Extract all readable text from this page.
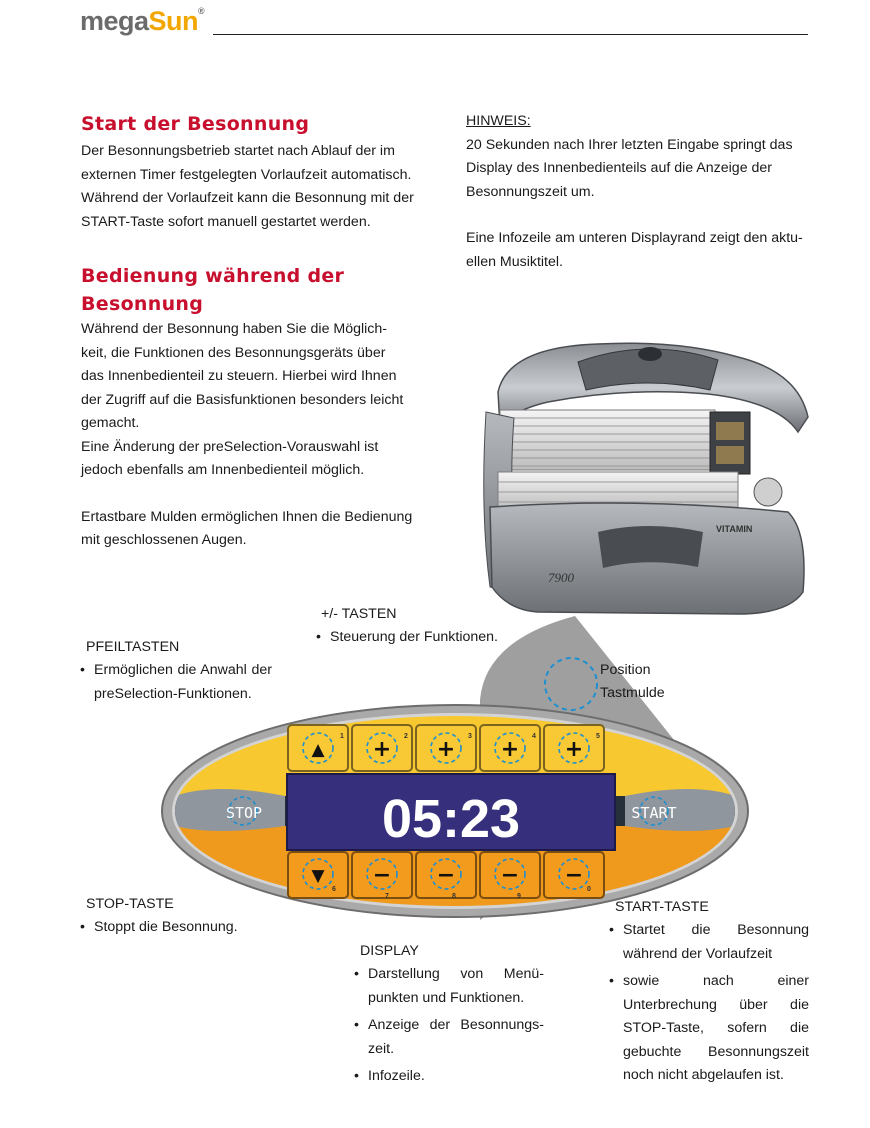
megaSun®
Start der Besonnung

Der Besonnungsbetrieb startet nach Ablauf der im

externen Timer festgelegten Vorlaufzeit automatisch.

Während der Vorlaufzeit kann die Besonnung mit der

START-Taste sofort manuell gestartet werden.

Bedienung während der
Besonnung

Während der Besonnung haben Sie die Möglich-

keit, die Funktionen des Besonnungsgeräts über

das Innenbedienteil zu steuern. Hierbei wird Ihnen

der Zugriff auf die Basisfunktionen besonders leicht

gemacht.

Eine Änderung der preSelection-Vorauswahl ist

jedoch ebenfalls am Innenbedienteil möglich.

Ertastbare Mulden ermöglichen Ihnen die Bedienung

mit geschlossenen Augen.

HINWEIS:

20 Sekunden nach Ihrer letzten Eingabe springt das

Display des Innenbedienteils auf die Anzeige der

Besonnungszeit um.

Eine Infozeile am unteren Displayrand zeigt den aktu-

ellen Musiktitel.

VITAMIN
7900
▲ + + + +
▼ − − − −
1	2	3	4	5
6
7	8	9
0
05:23
STOP	START
+/- TASTEN
• Steuerung der Funktionen.
PFEILTASTEN
• Ermöglichen die Anwahl der preSelection-Funktionen.
Position
Tastmulde
STOP-TASTE
• Stoppt die Besonnung.
DISPLAY
• Darstellung von Menü-punkten und Funktionen.
• Anzeige der Besonnungs-zeit.
• Infozeile.
START-TASTE
• Startet die Besonnung während der Vorlaufzeit
• sowie nach einer Unterbrechung über die STOP-Taste, sofern die gebuchte Besonnungszeit noch nicht abgelaufen ist.
